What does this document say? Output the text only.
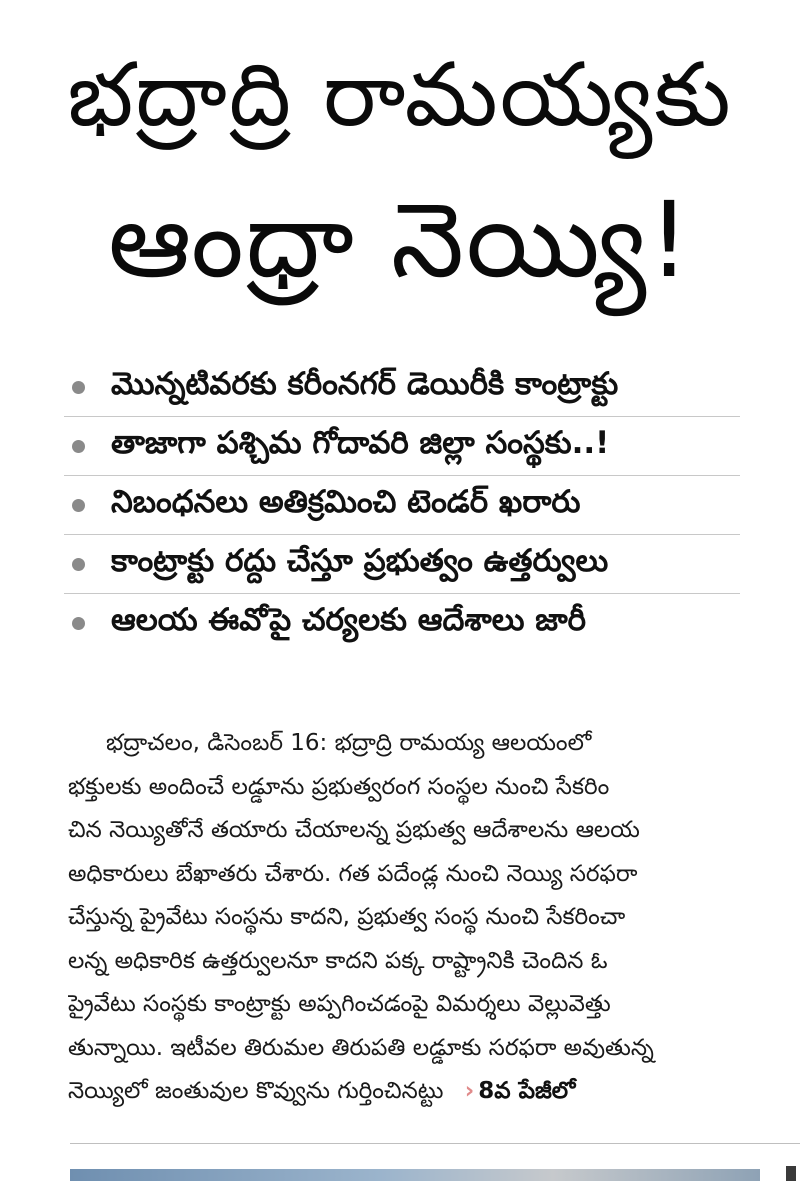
భద్రాద్రి రామయ్యకు
ఆంధ్రా నెయ్యి!
మొన్నటివరకు కరీంనగర్ డెయిరీకి కాంట్రాక్టు
తాజాగా పశ్చిమ గోదావరి జిల్లా సంస్థకు..!
నిబంధనలు అతిక్రమించి టెండర్ ఖరారు
కాంట్రాక్టు రద్దు చేస్తూ ప్రభుత్వం ఉత్తర్వులు
ఆలయ ఈవోపై చర్యలకు ఆదేశాలు జారీ
భద్రాచలం, డిసెంబర్ 16: భద్రాద్రి రామయ్య ఆలయంలో
భక్తులకు అందించే లడ్డూను ప్రభుత్వరంగ సంస్థల నుంచి సేకరిం
చిన నెయ్యితోనే తయారు చేయాలన్న ప్రభుత్వ ఆదేశాలను ఆలయ
అధికారులు బేఖాతరు చేశారు. గత పదేండ్ల నుంచి నెయ్యి సరఫరా
చేస్తున్న ప్రైవేటు సంస్థను కాదని, ప్రభుత్వ సంస్థ నుంచి సేకరించా
లన్న అధికారిక ఉత్తర్వులనూ కాదని పక్క రాష్ట్రానికి చెందిన ఓ
ప్రైవేటు సంస్థకు కాంట్రాక్టు అప్పగించడంపై విమర్శలు వెల్లువెత్తు
తున్నాయి. ఇటీవల తిరుమల తిరుపతి లడ్డూకు సరఫరా అవుతున్న
నెయ్యిలో జంతువుల కొవ్వును గుర్తించినట్టు › 8వ పేజీలో
